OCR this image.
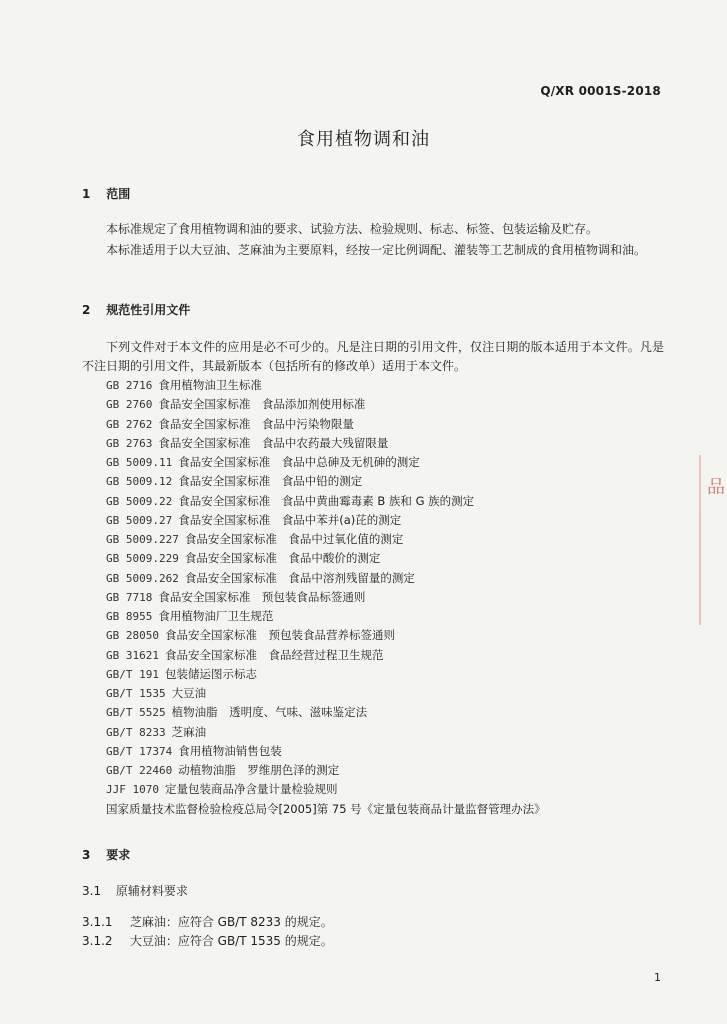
Q/XR 0001S-2018
食用植物调和油
1 范围

本标准规定了食用植物调和油的要求、试验方法、检验规则、标志、标签、包装运输及贮存。

本标准适用于以大豆油、芝麻油为主要原料，经按一定比例调配、灌装等工艺制成的食用植物调和油。

2 规范性引用文件

下列文件对于本文件的应用是必不可少的。凡是注日期的引用文件，仅注日期的版本适用于本文件。凡是不注日期的引用文件，其最新版本（包括所有的修改单）适用于本文件。

GB 2716 食用植物油卫生标准
GB 2760 食品安全国家标准　食品添加剂使用标准
GB 2762 食品安全国家标准　食品中污染物限量
GB 2763 食品安全国家标准　食品中农药最大残留限量
GB 5009.11 食品安全国家标准　食品中总砷及无机砷的测定
GB 5009.12 食品安全国家标准　食品中铅的测定
GB 5009.22 食品安全国家标准　食品中黄曲霉毒素 B 族和 G 族的测定
GB 5009.27 食品安全国家标准　食品中苯并(a)芘的测定
GB 5009.227 食品安全国家标准　食品中过氧化值的测定
GB 5009.229 食品安全国家标准　食品中酸价的测定
GB 5009.262 食品安全国家标准　食品中溶剂残留量的测定
GB 7718 食品安全国家标准　预包装食品标签通则
GB 8955 食用植物油厂卫生规范
GB 28050 食品安全国家标准　预包装食品营养标签通则
GB 31621 食品安全国家标准　食品经营过程卫生规范
GB/T 191 包装储运图示标志
GB/T 1535 大豆油
GB/T 5525 植物油脂　透明度、气味、滋味鉴定法
GB/T 8233 芝麻油
GB/T 17374 食用植物油销售包装
GB/T 22460 动植物油脂　罗维朋色泽的测定
JJF 1070 定量包装商品净含量计量检验规则
国家质量技术监督检验检疫总局令[2005]第 75 号《定量包装商品计量监督管理办法》
3 要求
3.1 原辅材料要求

3.1.1 芝麻油：应符合 GB/T 8233 的规定。

3.1.2 大豆油：应符合 GB/T 1535 的规定。

1
品
